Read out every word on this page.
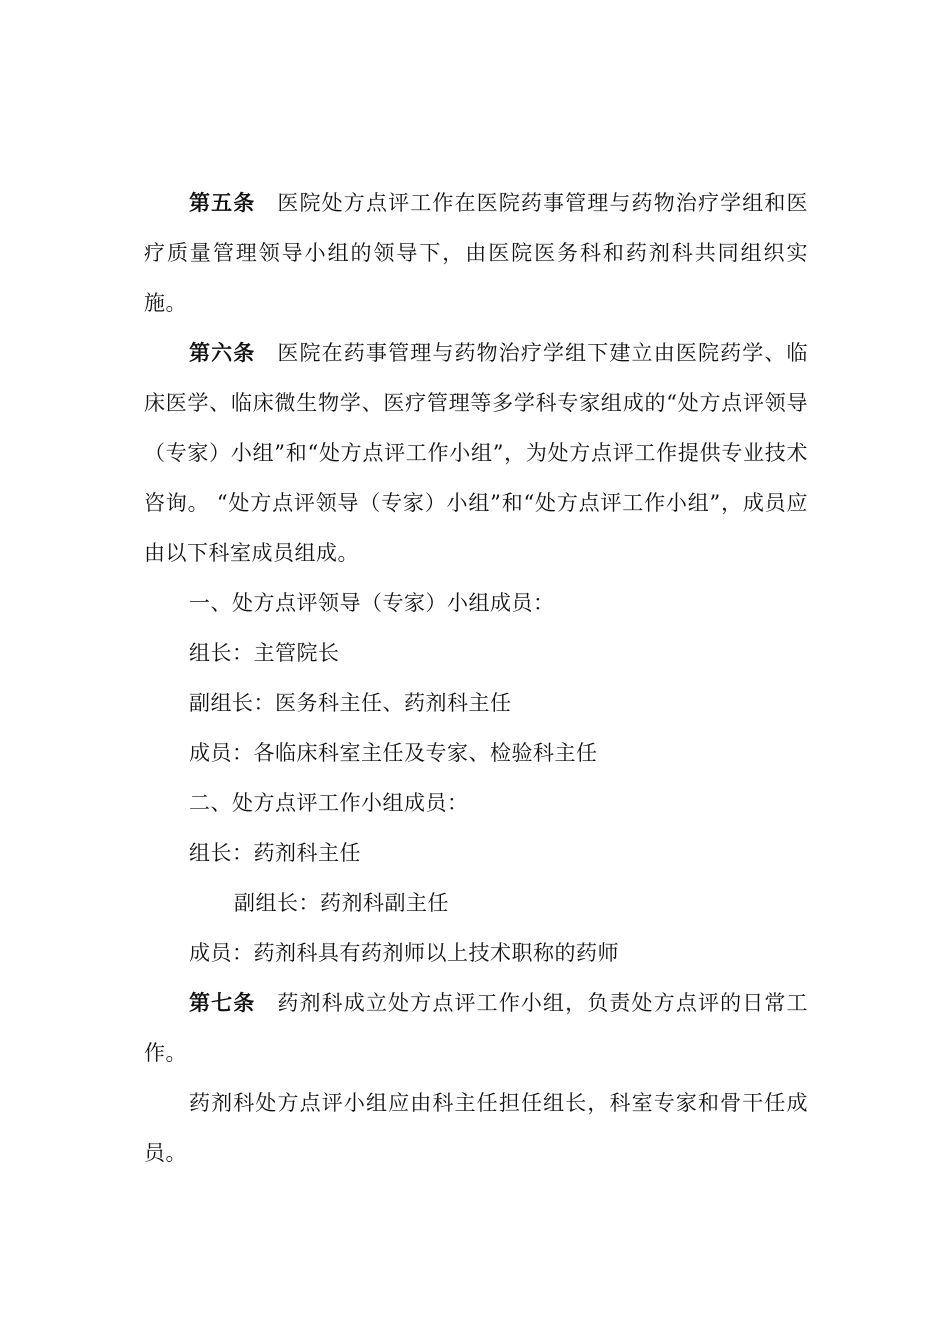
第五条 医院处方点评工作在医院药事管理与药物治疗学组和医疗质量管理领导小组的领导下，由医院医务科和药剂科共同组织实施。

第六条 医院在药事管理与药物治疗学组下建立由医院药学、临床医学、临床微生物学、医疗管理等多学科专家组成的“处方点评领导（专家）小组”和“处方点评工作小组”，为处方点评工作提供专业技术咨询。 “处方点评领导（专家）小组”和“处方点评工作小组”，成员应由以下科室成员组成。

一、处方点评领导（专家）小组成员：

组长：主管院长

副组长：医务科主任、药剂科主任

成员：各临床科室主任及专家、检验科主任

二、处方点评工作小组成员：

组长：药剂科主任

副组长：药剂科副主任

成员：药剂科具有药剂师以上技术职称的药师

第七条 药剂科成立处方点评工作小组，负责处方点评的日常工作。

药剂科处方点评小组应由科主任担任组长，科室专家和骨干任成员。
